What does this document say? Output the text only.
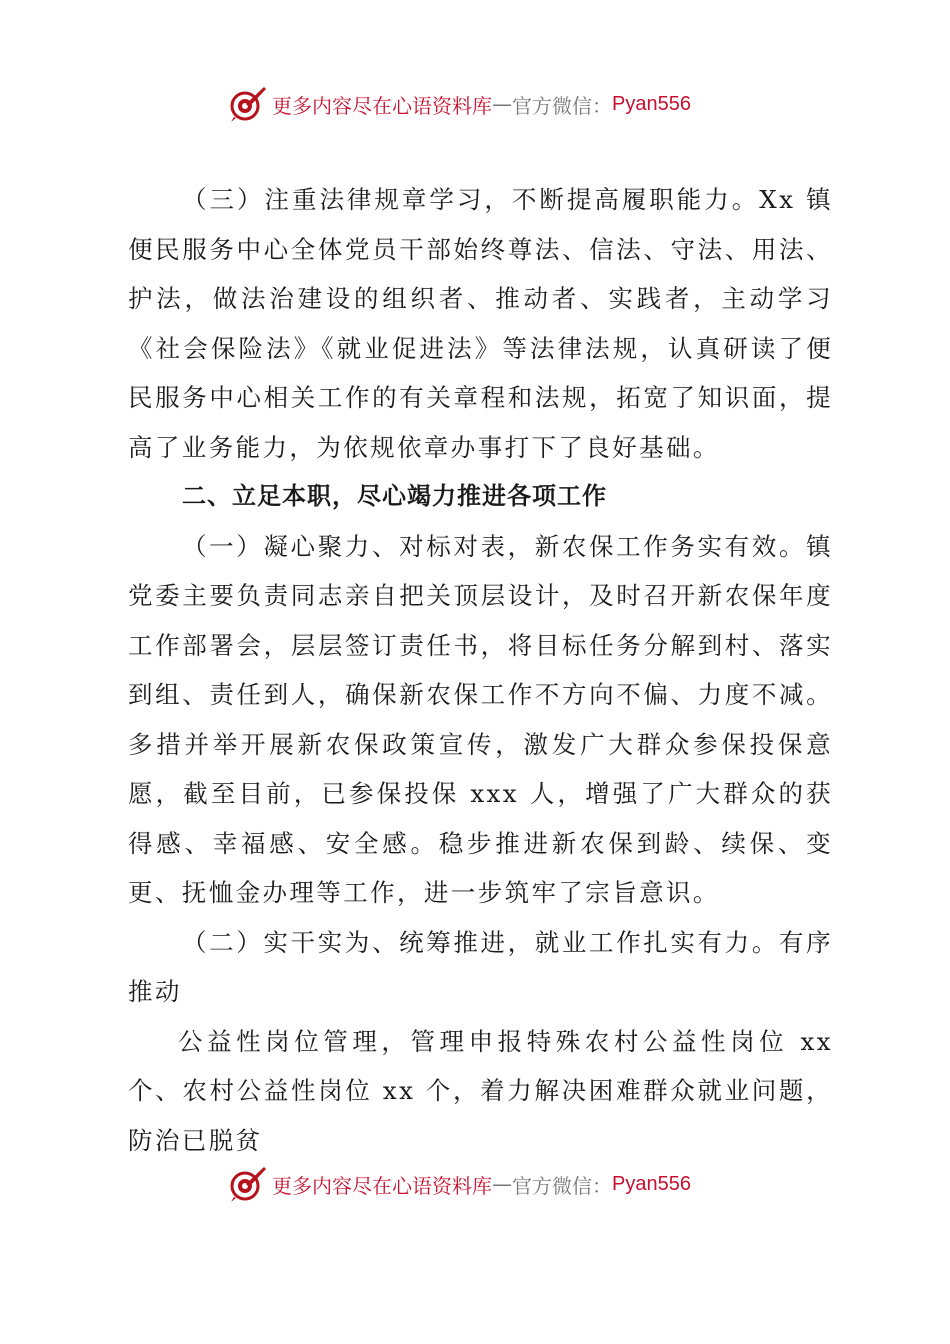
更多内容尽在心语资料库 — 官方微信： Pyan556

（三）注重法律规章学习，不断提高履职能力。Xx 镇便民服务中心全体党员干部始终尊法、信法、守法、用法、护法，做法治建设的组织者、推动者、实践者，主动学习《社会保险法》《就业促进法》等法律法规，认真研读了便民服务中心相关工作的有关章程和法规，拓宽了知识面，提高了业务能力，为依规依章办事打下了良好基础。

二、立足本职，尽心竭力推进各项工作

（一）凝心聚力、对标对表，新农保工作务实有效。镇党委主要负责同志亲自把关顶层设计，及时召开新农保年度工作部署会，层层签订责任书，将目标任务分解到村、落实到组、责任到人，确保新农保工作不方向不偏、力度不减。多措并举开展新农保政策宣传，激发广大群众参保投保意愿，截至目前，已参保投保 xxx 人，增强了广大群众的获得感、幸福感、安全感。稳步推进新农保到龄、续保、变更、抚恤金办理等工作，进一步筑牢了宗旨意识。

（二）实干实为、统筹推进，就业工作扎实有力。有序推动

公益性岗位管理，管理申报特殊农村公益性岗位 xx 个、农村公益性岗位 xx 个，着力解决困难群众就业问题，防治已脱贫

更多内容尽在心语资料库 — 官方微信： Pyan556
